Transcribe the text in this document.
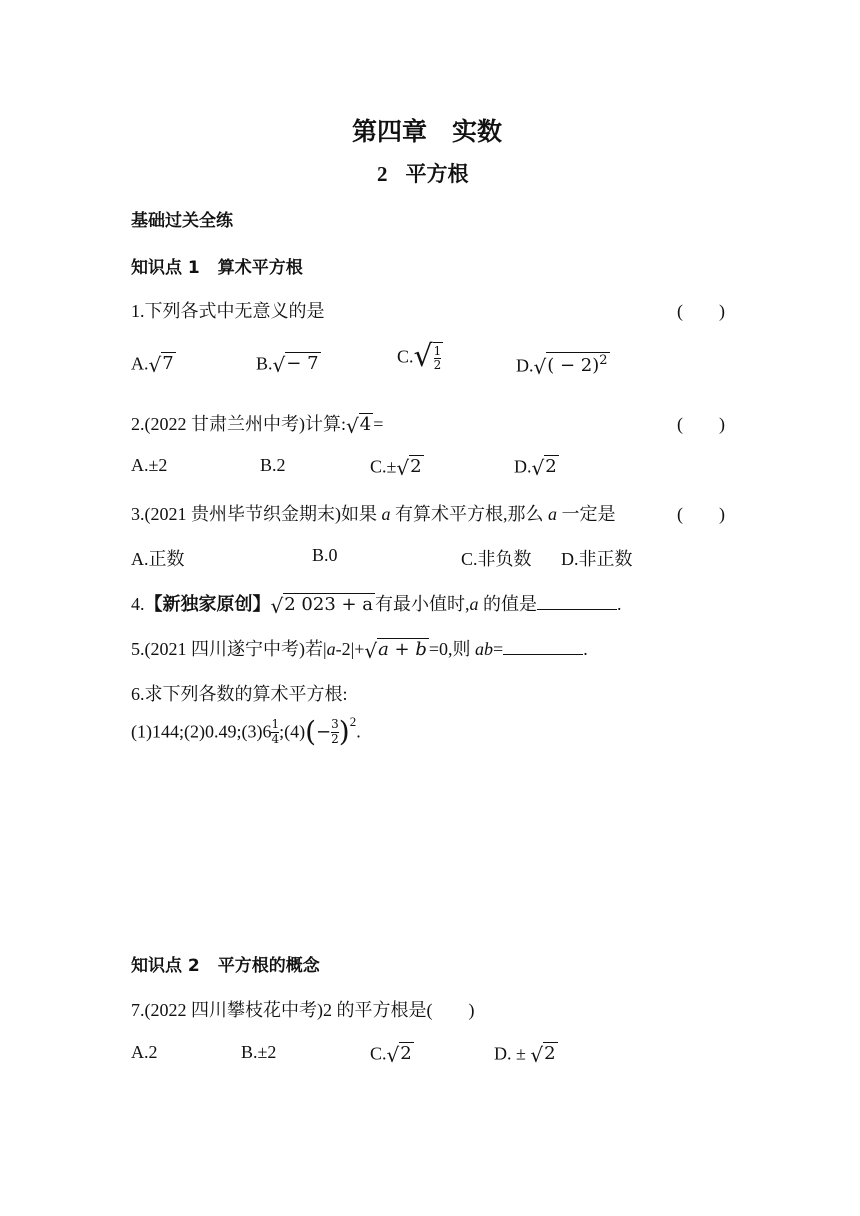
第四章　实数
2 平方根
基础过关全练
知识点 1 算术平方根
1.下列各式中无意义的是	(　　)
A. √ 7	B. √ − 7	C. √ $\frac{1}{2}$	D. √ ( − 2)$^2$
2.(2022 甘肃兰州中考)计算: √ 4 =	(　　)
A.±2	B.2	C.± √ 2	D. √ 2
3.(2021 贵州毕节织金期末)如果 a 有算术平方根,那么 a 一定是	(　　)
A.正数	B.0	C.非负数 D.非正数
4.【新独家原创】 √ 2 023 + a 有最小值时,a 的值是	.
5.(2021 四川遂宁中考)若|a-2|+ √ a + b =0,则 ab=	.
6.求下列各数的算术平方根:
(1)144;(2)0.49;(3)6 $\frac{1}{4}$ ;(4)(− $\frac{3}{2} )^2$.
知识点 2 平方根的概念
7.(2022 四川攀枝花中考)2 的平方根是(　　)
A.2	B.±2	C. √ 2	D. ± √ 2
